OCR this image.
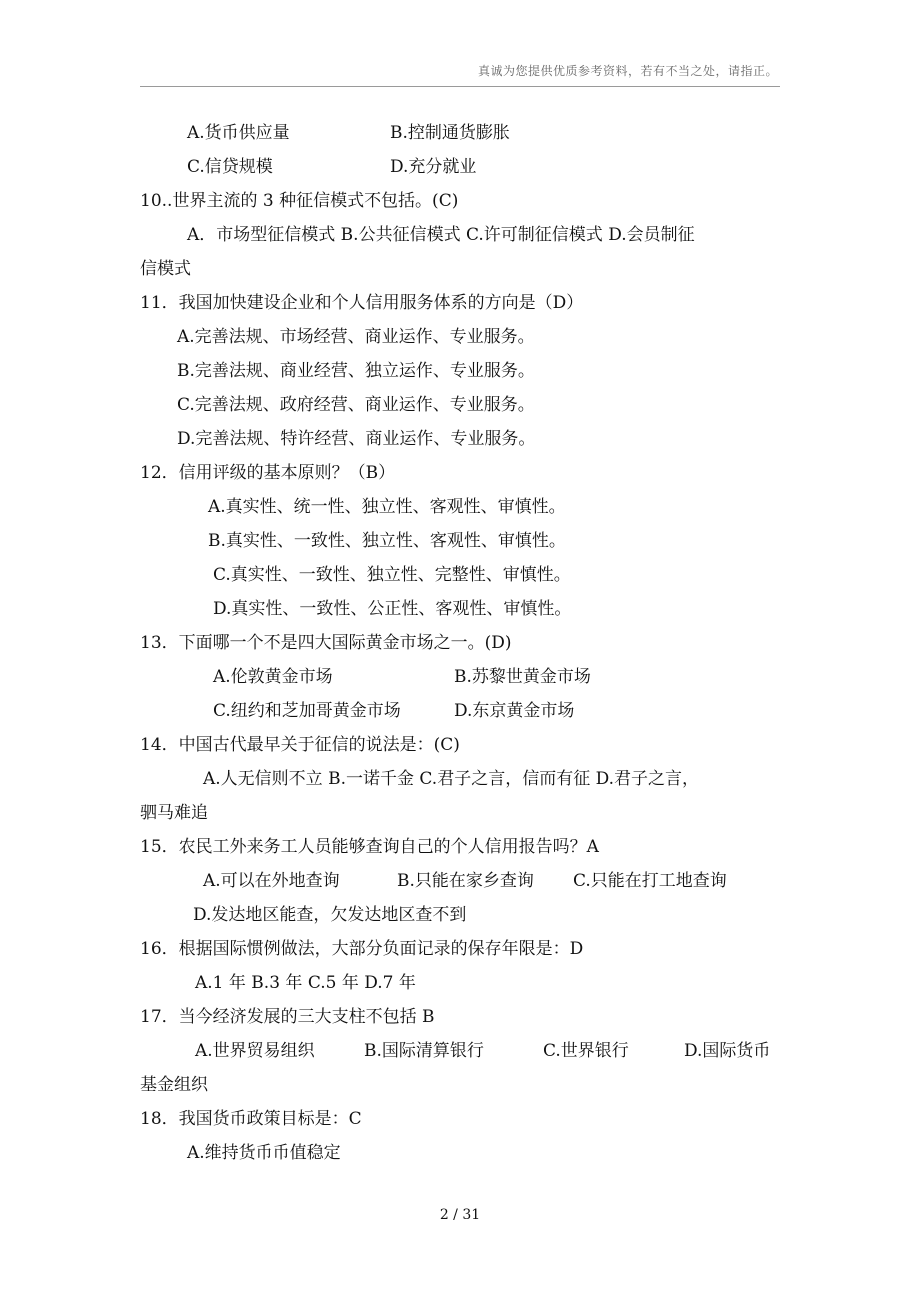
真诚为您提供优质参考资料，若有不当之处，请指正。
A.货币供应量	B.控制通货膨胀
C.信贷规模	D.充分就业
10..世界主流的 3 种征信模式不包括。(C)
A．市场型征信模式 B.公共征信模式 C.许可制征信模式 D.会员制征
信模式
11．我国加快建设企业和个人信用服务体系的方向是（D）
A.完善法规、市场经营、商业运作、专业服务。
B.完善法规、商业经营、独立运作、专业服务。
C.完善法规、政府经营、商业运作、专业服务。
D.完善法规、特许经营、商业运作、专业服务。
12．信用评级的基本原则？（B）
A.真实性、统一性、独立性、客观性、审慎性。
B.真实性、一致性、独立性、客观性、审慎性。
C.真实性、一致性、独立性、完整性、审慎性。
D.真实性、一致性、公正性、客观性、审慎性。
13．下面哪一个不是四大国际黄金市场之一。(D)
A.伦敦黄金市场	B.苏黎世黄金市场
C.纽约和芝加哥黄金市场	D.东京黄金市场
14．中国古代最早关于征信的说法是：(C)
A.人无信则不立 B.一诺千金 C.君子之言，信而有征 D.君子之言，
驷马难追
15．农民工外来务工人员能够查询自己的个人信用报告吗？A
A.可以在外地查询	B.只能在家乡查询 C.只能在打工地查询
D.发达地区能查，欠发达地区查不到
16．根据国际惯例做法，大部分负面记录的保存年限是：D
A.1 年 B.3 年 C.5 年 D.7 年
17．当今经济发展的三大支柱不包括 B
A.世界贸易组织	B.国际清算银行	C.世界银行	D.国际货币
基金组织
18．我国货币政策目标是：C
A.维持货币币值稳定
2 / 31
